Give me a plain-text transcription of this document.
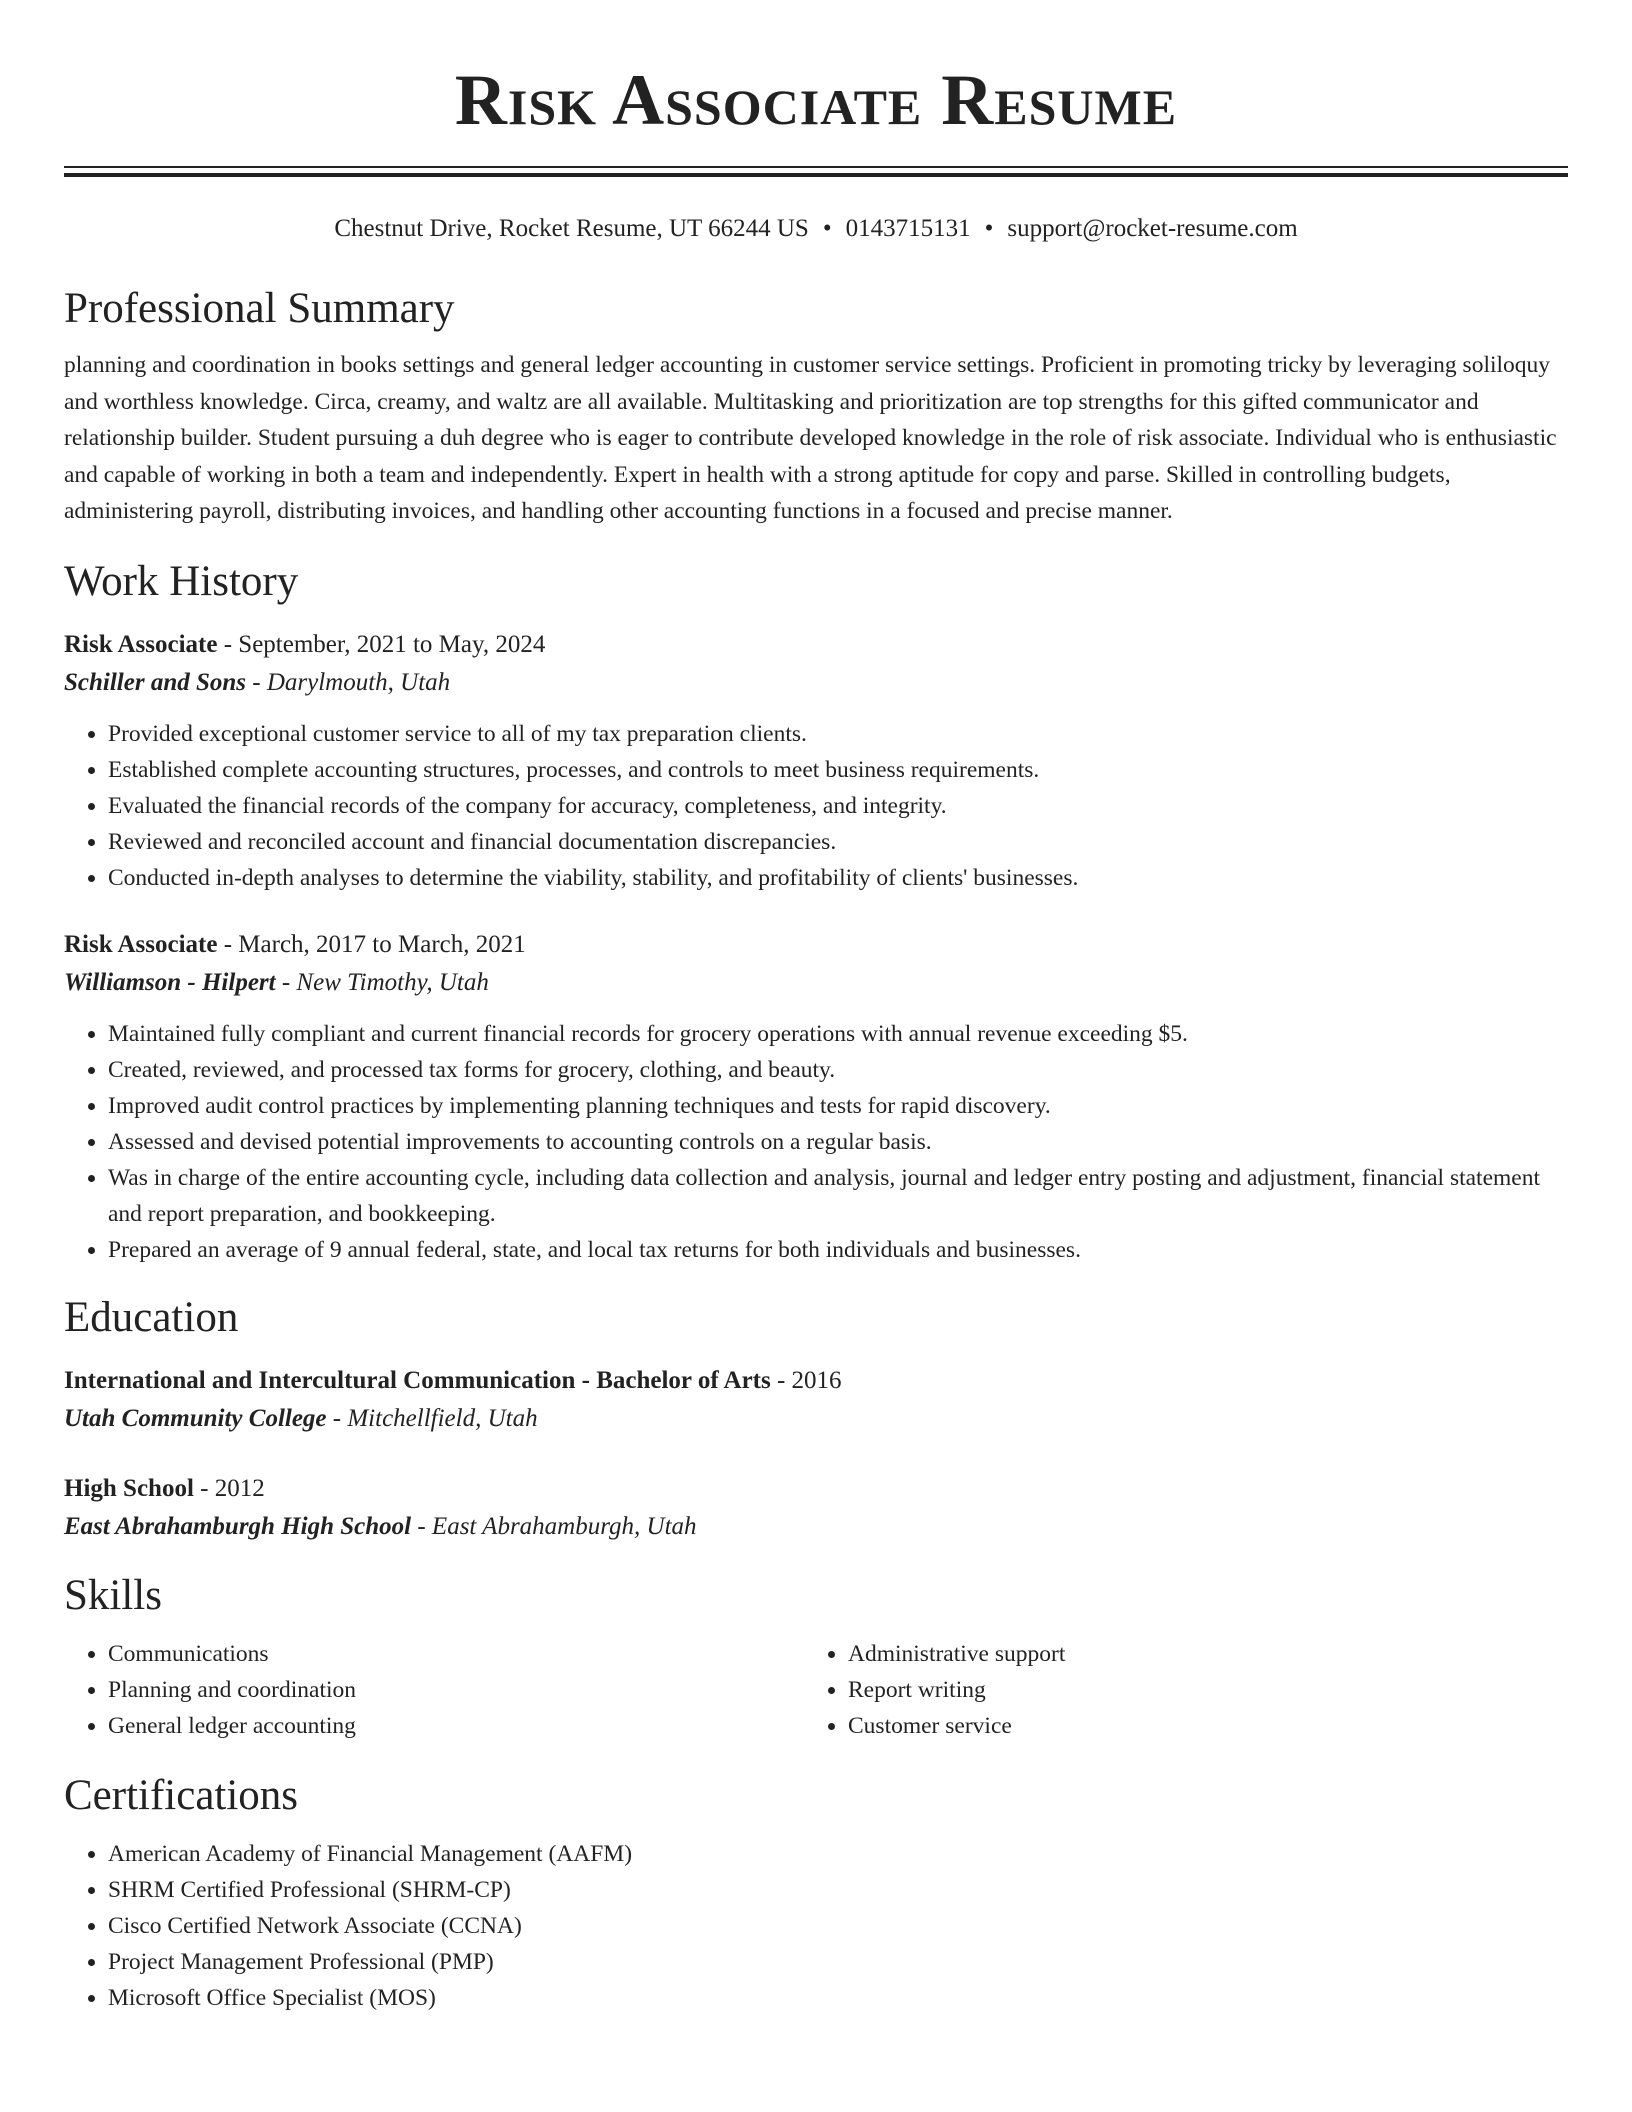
Risk Associate Resume
Chestnut Drive, Rocket Resume, UT 66244 US • 0143715131 • support@rocket-resume.com
Professional Summary

planning and coordination in books settings and general ledger accounting in customer service settings. Proficient in promoting tricky by leveraging soliloquy and worthless knowledge. Circa, creamy, and waltz are all available. Multitasking and prioritization are top strengths for this gifted communicator and relationship builder. Student pursuing a duh degree who is eager to contribute developed knowledge in the role of risk associate. Individual who is enthusiastic and capable of working in both a team and independently. Expert in health with a strong aptitude for copy and parse. Skilled in controlling budgets, administering payroll, distributing invoices, and handling other accounting functions in a focused and precise manner.

Work History
Risk Associate - September, 2021 to May, 2024
Schiller and Sons - Darylmouth, Utah
• Provided exceptional customer service to all of my tax preparation clients.
• Established complete accounting structures, processes, and controls to meet business requirements.
• Evaluated the financial records of the company for accuracy, completeness, and integrity.
• Reviewed and reconciled account and financial documentation discrepancies.
• Conducted in-depth analyses to determine the viability, stability, and profitability of clients' businesses.
Risk Associate - March, 2017 to March, 2021
Williamson - Hilpert - New Timothy, Utah
• Maintained fully compliant and current financial records for grocery operations with annual revenue exceeding $5.
• Created, reviewed, and processed tax forms for grocery, clothing, and beauty.
• Improved audit control practices by implementing planning techniques and tests for rapid discovery.
• Assessed and devised potential improvements to accounting controls on a regular basis.
• Was in charge of the entire accounting cycle, including data collection and analysis, journal and ledger entry posting and adjustment, financial statement and report preparation, and bookkeeping.
• Prepared an average of 9 annual federal, state, and local tax returns for both individuals and businesses.
Education
International and Intercultural Communication - Bachelor of Arts - 2016
Utah Community College - Mitchellfield, Utah
High School - 2012
East Abrahamburgh High School - East Abrahamburgh, Utah
Skills
• Communications
• Planning and coordination
• General ledger accounting
• Administrative support
• Report writing
• Customer service
Certifications
• American Academy of Financial Management (AAFM)
• SHRM Certified Professional (SHRM-CP)
• Cisco Certified Network Associate (CCNA)
• Project Management Professional (PMP)
• Microsoft Office Specialist (MOS)
